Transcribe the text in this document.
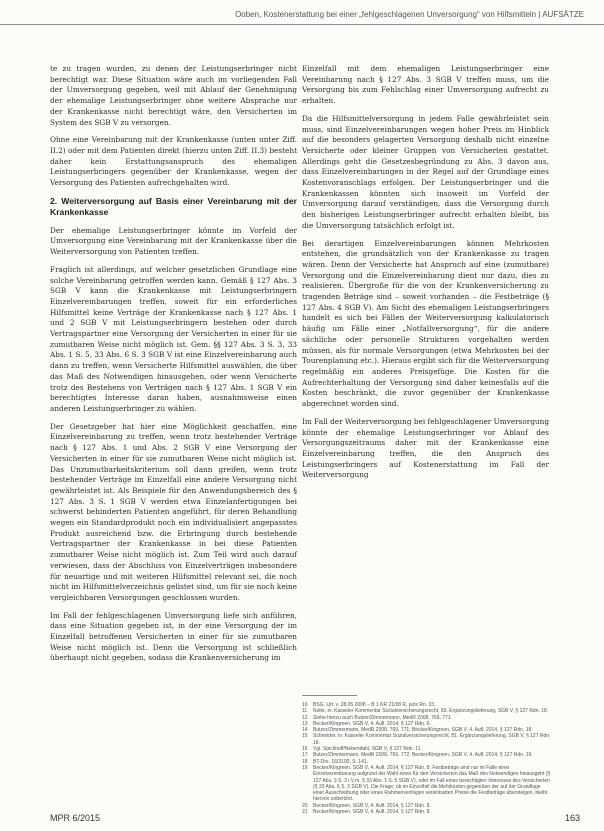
Ooben, Kostenerstattung bei einer „fehlgeschlagenen Unversorgung“ von Hilfsmitteln | AUFSÄTZE

te zu tragen wurden, zu denen der Leistungserbringer nicht berechtigt war. Diese Situation wäre auch im vorliegenden Fall der Umversorgung gegeben, weil mit Ablauf der Genehmigung der ehemalige Leistungserbringer ohne weitere Absprache nur der Krankenkasse nicht berechtigt wäre, den Versicherten im System des SGB V zu versorgen.

Ohne eine Vereinbarung mit der Krankenkasse (unten unter Ziff. II.2) oder mit dem Patienten direkt (hierzu unten Ziff. II.3) besteht daher kein Erstattungsanspruch des ehemaligen Leistungserbringers gegenüber der Krankenkasse, wegen der Versorgung des Patienten aufrechgehalten wird.

2. Weiterversorgung auf Basis einer Vereinbarung mit der Krankenkasse

Der ehemalige Leistungserbringer könnte im Vorfeld der Umversorgung eine Vereinbarung mit der Krankenkasse über die Weiterversorgung von Patienten treffen.

Fraglich ist allerdings, auf welcher gesetzlichen Grundlage eine solche Vereinbarung getroffen werden kann. Gemäß § 127 Abs. 3 SGB V kann die Krankenkasse mit Leistungserbringern Einzelvereinbarungen treffen, soweit für ein erforderliches Hilfsmittel keine Verträge der Krankenkasse nach § 127 Abs. 1 und 2 SGB V mit Leistungserbringern bestehen oder durch Vertragspartner eine Versorgung der Versicherten in einer für sie zumutbaren Weise nicht möglich ist. Gem. §§ 127 Abs. 3 S. 3, 33 Abs. 1 S. 5, 33 Abs. 6 S. 3 SGB V ist eine Einzelvereinbarung auch dann zu treffen, wenn Versicherte Hilfsmittel auswählen, die über das Maß des Notwendigen hinausgehen, oder wenn Versicherte trotz des Bestehens von Verträgen nach § 127 Abs. 1 SGB V ein berechtigtes Interesse daran haben, ausnahmsweise einen anderen Leistungserbringer zu wählen.

Der Gesetzgeber hat hier eine Möglichkeit geschaffen, eine Einzelvereinbarung zu treffen, wenn trotz bestehender Verträge nach § 127 Abs. 1 und Abs. 2 SGB V eine Versorgung der Versicherten in einer für sie zumutbaren Weise nicht möglich ist. Das Unzumutbarkeitskriterium soll dann greifen, wenn trotz bestehender Verträge im Einzelfall eine andere Versorgung nicht gewährleistet ist. Als Beispiele für den Anwendungsbereich des § 127 Abs. 3 S. 1 SGB V werden etwa Einzelanfertigungen bei schwerst behinderten Patienten angeführt, für deren Behandlung wegen ein Standardprodukt noch ein individualisiert angepasstes Produkt ausreichend bzw. die Erbringung durch bestehende Vertragspartner der Krankenkasse in bei diese Patienten zumutbarer Weise nicht möglich ist. Zum Teil wird auch darauf verwiesen, dass der Abschluss von Einzelverträgen insbesondere für neuartige und mit weiteren Hilfsmittel relevant sei, die noch nicht im Hilfsmittelverzeichnis gelistet sind, um für sie noch keine vergleichbaren Versorgungen geschlossen wurden.

Im Fall der fehlgeschlagenen Umversorgung liefe sich anführen, dass eine Situation gegeben ist, in der eine Versorgung der im Einzelfall betroffenen Versicherten in einer für sie zumutbaren Weise nicht möglich ist. Denn die Versorgung ist schließlich überhaupt nicht gegeben, sodass die Krankenversicherung im

Einzelfall mit dem ehemaligen Leistungserbringer eine Vereinbarung nach § 127 Abs. 3 SGB V treffen muss, um die Versorgung bis zum Fehlschlag einer Umversorgung aufrecht zu erhalten.

Da die Hilfsmittelversorgung in jedem Falle gewährleistet sein muss, sind Einzelvereinbarungen wegen hoher Preis im Hinblick auf die besonders gelagerten Versorgung deshalb nicht einzelne Versicherte oder kleiner Gruppen von Versicherten gestattet. Allerdings geht die Gesetzesbegründung zu Abs. 3 davon aus, dass Einzelvereinbarungen in der Regel auf der Grundlage eines Kostenvoranschlags erfolgen. Der Leistungserbringer und die Krankenkassen könnten sich insoweit im Vorfeld der Umversorgung darauf verständigen, dass die Versorgung durch den bisherigen Leistungserbringer aufrecht erhalten bleibt, bis die Umversorgung tatsächlich erfolgt ist.

Bei derartigen Einzelvereinbarungen können Mehrkosten entstehen, die grundsätzlich von der Krankenkasse zu tragen wären. Denn der Versicherte hat Anspruch auf eine (zumutbare) Versorgung und die Einzelvereinbarung dient nur dazu, dies zu realisieren. Übergroße für die von der Krankenversicherung zu tragenden Beträge sind – soweit vorhanden – die Festbeträge (§ 127 Abs. 4 SGB V). Am Sicht des ehemaligen Leistungserbringers handelt es sich bei Fällen der Weiterversorgung kalkulatorisch häufig um Fälle einer „Notfallversorgung“, für die andere sächliche oder personelle Strukturen vorgehalten werden müssen, als für normale Versorgungen (etwa Mehrkosten bei der Tourenplanung etc.). Hieraus ergibt sich für die Weiterversorgung regelmäßig ein anderes Preisgefüge. Die Kosten für die Aufrechterhaltung der Versorgung sind daher keinesfalls auf die Kosten beschränkt, die zuvor gegenüber der Krankenkasse abgerechnet worden sind.

Im Fall der Weiterversorgung bei fehlgeschlagener Umversorgung könnte der ehemalige Leistungserbringer vor Ablauf des Versorgungszeitraums daher mit der Krankenkasse eine Einzelvereinbarung treffen, die den Anspruch des Leistungserbringers auf Kostenerstattung im Fall der Weiterversorgung

10	BSG, Urt. v. 28.05.2008 – B 1 KR 21/08 R, juris Rn. 33.
11	Nolte, in: Kasseler Kommentar Sozialversicherungsrecht, 83. Ergänzungslieferung, SGB V, § 127 Rdn. 18.
12	Siehe hierzu auch Butzer/Zimmermann, MedR 2008, 769, 771.
13	Becker/Kingreen, SGB V, 4. Aufl. 2014, § 127 Rdn. 6.
14	Butzer/Zimmermann, MedR 2008, 769, 771; Becker/Kingreen, SGB V, 4. Aufl. 2014, § 127 Rdn. 18.
15	Schneider, in: Kasseler Kommentar Sozialversicherungsrecht, 81. Ergänzungslieferung, SGB V, § 127 Rdn. 18.
16	Vgl. Spickhoff/Nebendahl, SGB V, § 127 Rdn. 11.
17	Butzer/Zimmermann, MedR 2008, 769, 772; Becker/Kingreen, SGB V, 4. Aufl. 2014, § 127 Rdn. 19.
18	BT-Drs. 16/3100, S. 141.
19	Becker/Kingreen, SGB V, 4. Aufl. 2014, § 127 Rdn. 8: Festbeträge sind nur im Falle einer Einzelvereinbarung aufgrund der Wahl eines für den Versicherten das Maß des Notwendigen hinausgeht (§ 127 Abs. 3 S. 3 i.V.m. § 33 Abs. 1 S. 5 SGB V), oder im Fall eines berechtigten Interesses des Versicherten (§ 33 Abs. 6 S. 3 SGB V). Die Frage, ob im Einzelfall die Mehrkosten gegenüber der auf der Grundlage einer Ausschreibung oder eines Rahmenvertrages vereinbarten Preise die Festbeträge übersteigen, bleibt hiervon unberührt.
20	Becker/Kingreen, SGB V, 4. Aufl. 2014, § 127 Rdn. 8.
21	Becker/Kingreen, SGB V, 4. Aufl. 2014, § 127 Rdn. 8.
MPR 6/2015	163
